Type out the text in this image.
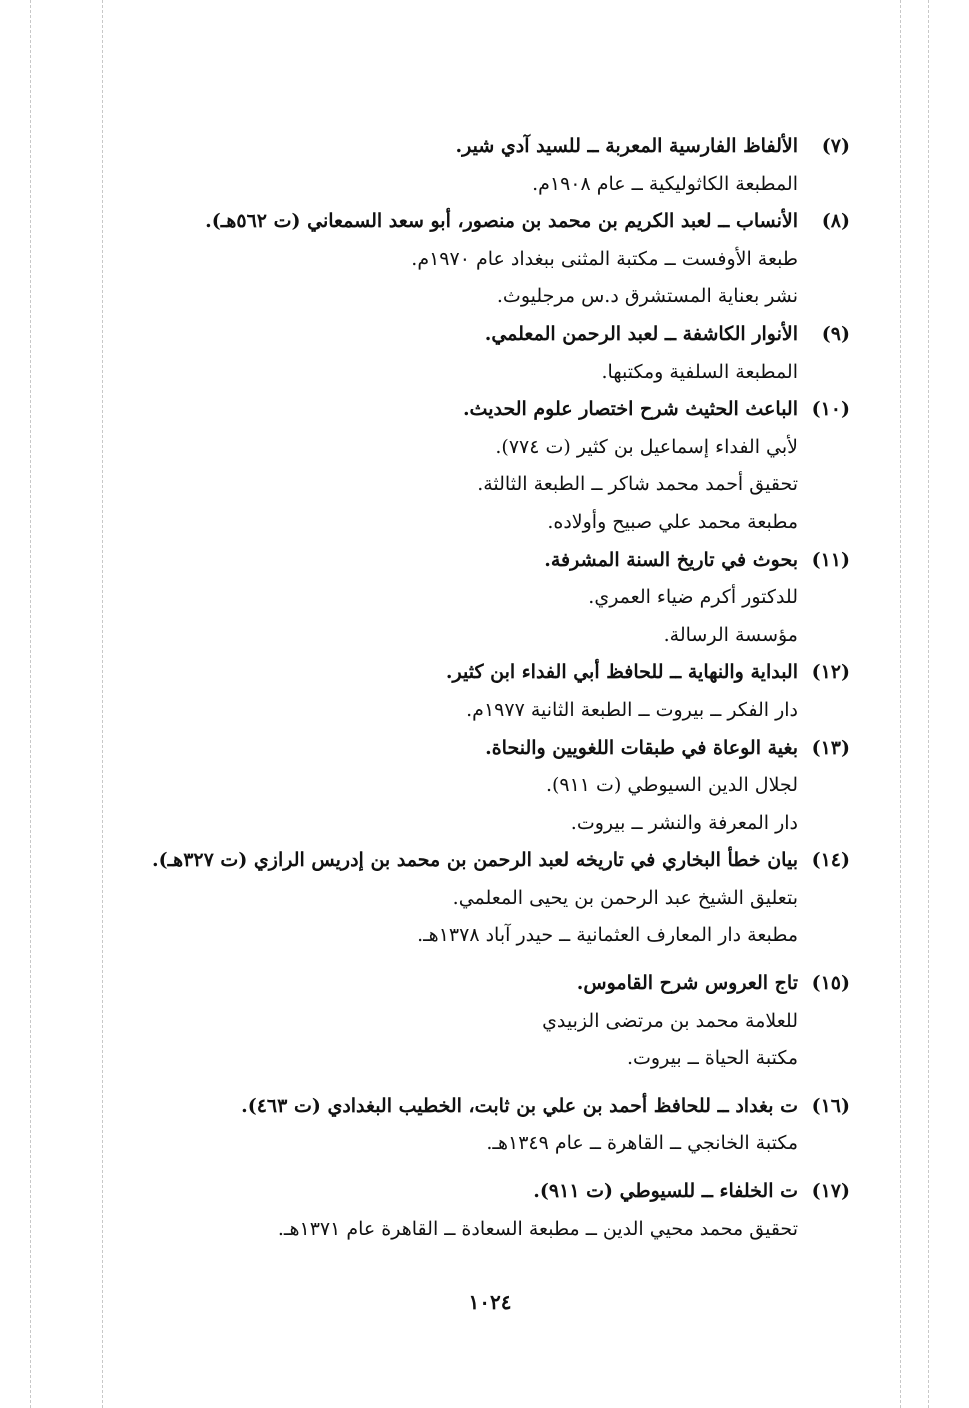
(٧)الألفاظ الفارسية المعربة ــ للسيد آدي شير.
المطبعة الكاثوليكية ــ عام ١٩٠٨م.
(٨)الأنساب ــ لعبد الكريم بن محمد بن منصور، أبو سعد السمعاني (ت ٥٦٢هـ).
طبعة الأوفست ــ مكتبة المثنى ببغداد عام ١٩٧٠م.
نشر بعناية المستشرق د.س مرجليوث.
(٩)الأنوار الكاشفة ــ لعبد الرحمن المعلمي.
المطبعة السلفية ومكتبها.
(١٠)الباعث الحثيث شرح اختصار علوم الحديث.
لأبي الفداء إسماعيل بن كثير (ت ٧٧٤).
تحقيق أحمد محمد شاكر ــ الطبعة الثالثة.
مطبعة محمد علي صبيح وأولاده.
(١١)بحوث في تاريخ السنة المشرفة.
للدكتور أكرم ضياء العمري.
مؤسسة الرسالة.
(١٢)البداية والنهاية ــ للحافظ أبي الفداء ابن كثير.
دار الفكر ــ بيروت ــ الطبعة الثانية ١٩٧٧م.
(١٣)بغية الوعاة في طبقات اللغويين والنحاة.
لجلال الدين السيوطي (ت ٩١١).
دار المعرفة والنشر ــ بيروت.
(١٤)بيان خطأ البخاري في تاريخه لعبد الرحمن بن محمد بن إدريس الرازي (ت ٣٢٧هـ).
بتعليق الشيخ عبد الرحمن بن يحيى المعلمي.
مطبعة دار المعارف العثمانية ــ حيدر آباد ١٣٧٨هـ.
(١٥)تاج العروس شرح القاموس.
للعلامة محمد بن مرتضى الزبيدي
مكتبة الحياة ــ بيروت.
(١٦)ت بغداد ــ للحافظ أحمد بن علي بن ثابت، الخطيب البغدادي (ت ٤٦٣).
مكتبة الخانجي ــ القاهرة ــ عام ١٣٤٩هـ.
(١٧)ت الخلفاء ــ للسيوطي (ت ٩١١).
تحقيق محمد محيي الدين ــ مطبعة السعادة ــ القاهرة عام ١٣٧١هـ.
١٠٢٤
